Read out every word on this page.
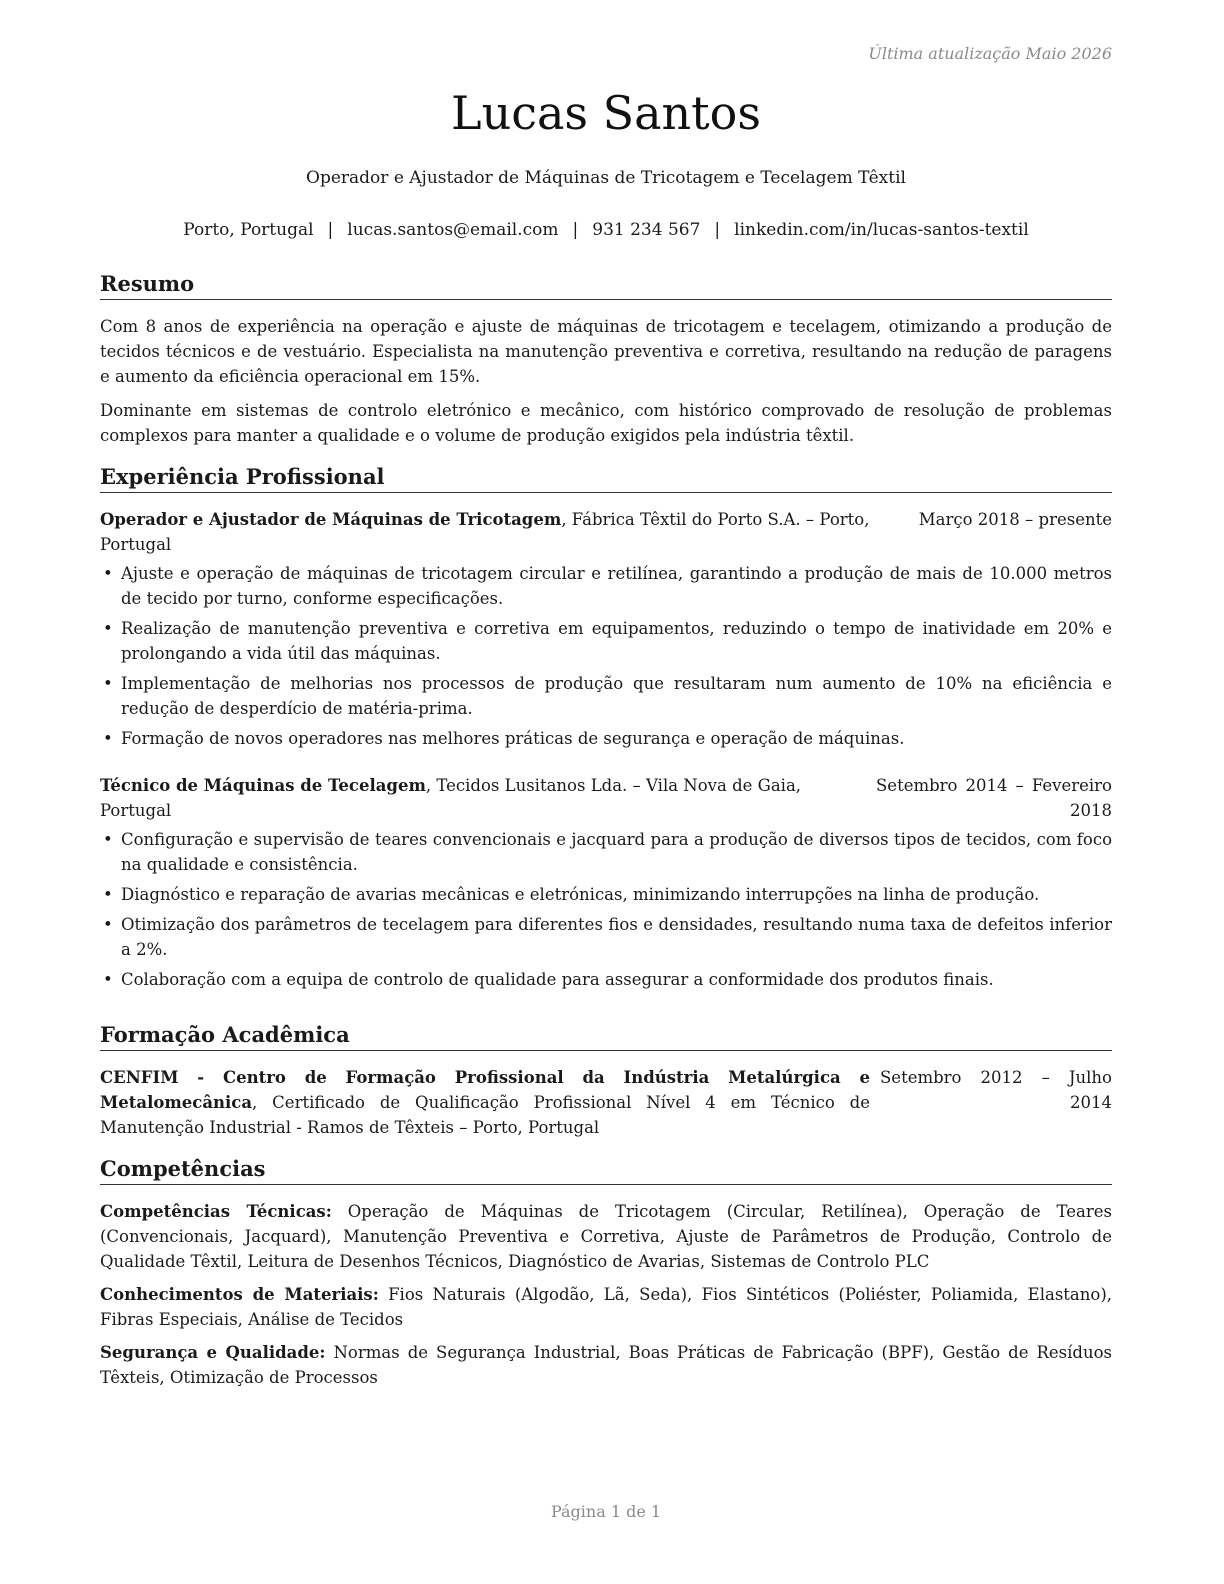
Última atualização Maio 2026
Lucas Santos
Operador e Ajustador de Máquinas de Tricotagem e Tecelagem Têxtil
Porto, Portugal | lucas.santos@email.com | 931 234 567 | linkedin.com/in/lucas-santos-textil
Resumo

Com 8 anos de experiência na operação e ajuste de máquinas de tricotagem e tecelagem, otimizando a produção de tecidos técnicos e de vestuário. Especialista na manutenção preventiva e corretiva, resultando na redução de paragens e aumento da eficiência operacional em 15%.

Dominante em sistemas de controlo eletrónico e mecânico, com histórico comprovado de resolução de problemas complexos para manter a qualidade e o volume de produção exigidos pela indústria têxtil.

Experiência Profissional
Operador e Ajustador de Máquinas de Tricotagem, Fábrica Têxtil do Porto S.A. – Porto, Portugal
Março 2018 – presente
• Ajuste e operação de máquinas de tricotagem circular e retilínea, garantindo a produção de mais de 10.000 metros de tecido por turno, conforme especificações.
• Realização de manutenção preventiva e corretiva em equipamentos, reduzindo o tempo de inatividade em 20% e prolongando a vida útil das máquinas.
• Implementação de melhorias nos processos de produção que resultaram num aumento de 10% na eficiência e redução de desperdício de matéria-prima.
• Formação de novos operadores nas melhores práticas de segurança e operação de máquinas.
Técnico de Máquinas de Tecelagem, Tecidos Lusitanos Lda. – Vila Nova de Gaia, Portugal
Setembro 2014 – Fevereiro 2018
• Configuração e supervisão de teares convencionais e jacquard para a produção de diversos tipos de tecidos, com foco na qualidade e consistência.
• Diagnóstico e reparação de avarias mecânicas e eletrónicas, minimizando interrupções na linha de produção.
• Otimização dos parâmetros de tecelagem para diferentes fios e densidades, resultando numa taxa de defeitos inferior a 2%.
• Colaboração com a equipa de controlo de qualidade para assegurar a conformidade dos produtos finais.
Formação Acadêmica
CENFIM - Centro de Formação Profissional da Indústria Metalúrgica e Metalomecânica, Certificado de Qualificação Profissional Nível 4 em Técnico de Manutenção Industrial - Ramos de Têxteis – Porto, Portugal
Setembro 2012 – Julho 2014
Competências

Competências Técnicas: Operação de Máquinas de Tricotagem (Circular, Retilínea), Operação de Teares (Convencionais, Jacquard), Manutenção Preventiva e Corretiva, Ajuste de Parâmetros de Produção, Controlo de Qualidade Têxtil, Leitura de Desenhos Técnicos, Diagnóstico de Avarias, Sistemas de Controlo PLC

Conhecimentos de Materiais: Fios Naturais (Algodão, Lã, Seda), Fios Sintéticos (Poliéster, Poliamida, Elastano), Fibras Especiais, Análise de Tecidos

Segurança e Qualidade: Normas de Segurança Industrial, Boas Práticas de Fabricação (BPF), Gestão de Resíduos Têxteis, Otimização de Processos

Página 1 de 1
